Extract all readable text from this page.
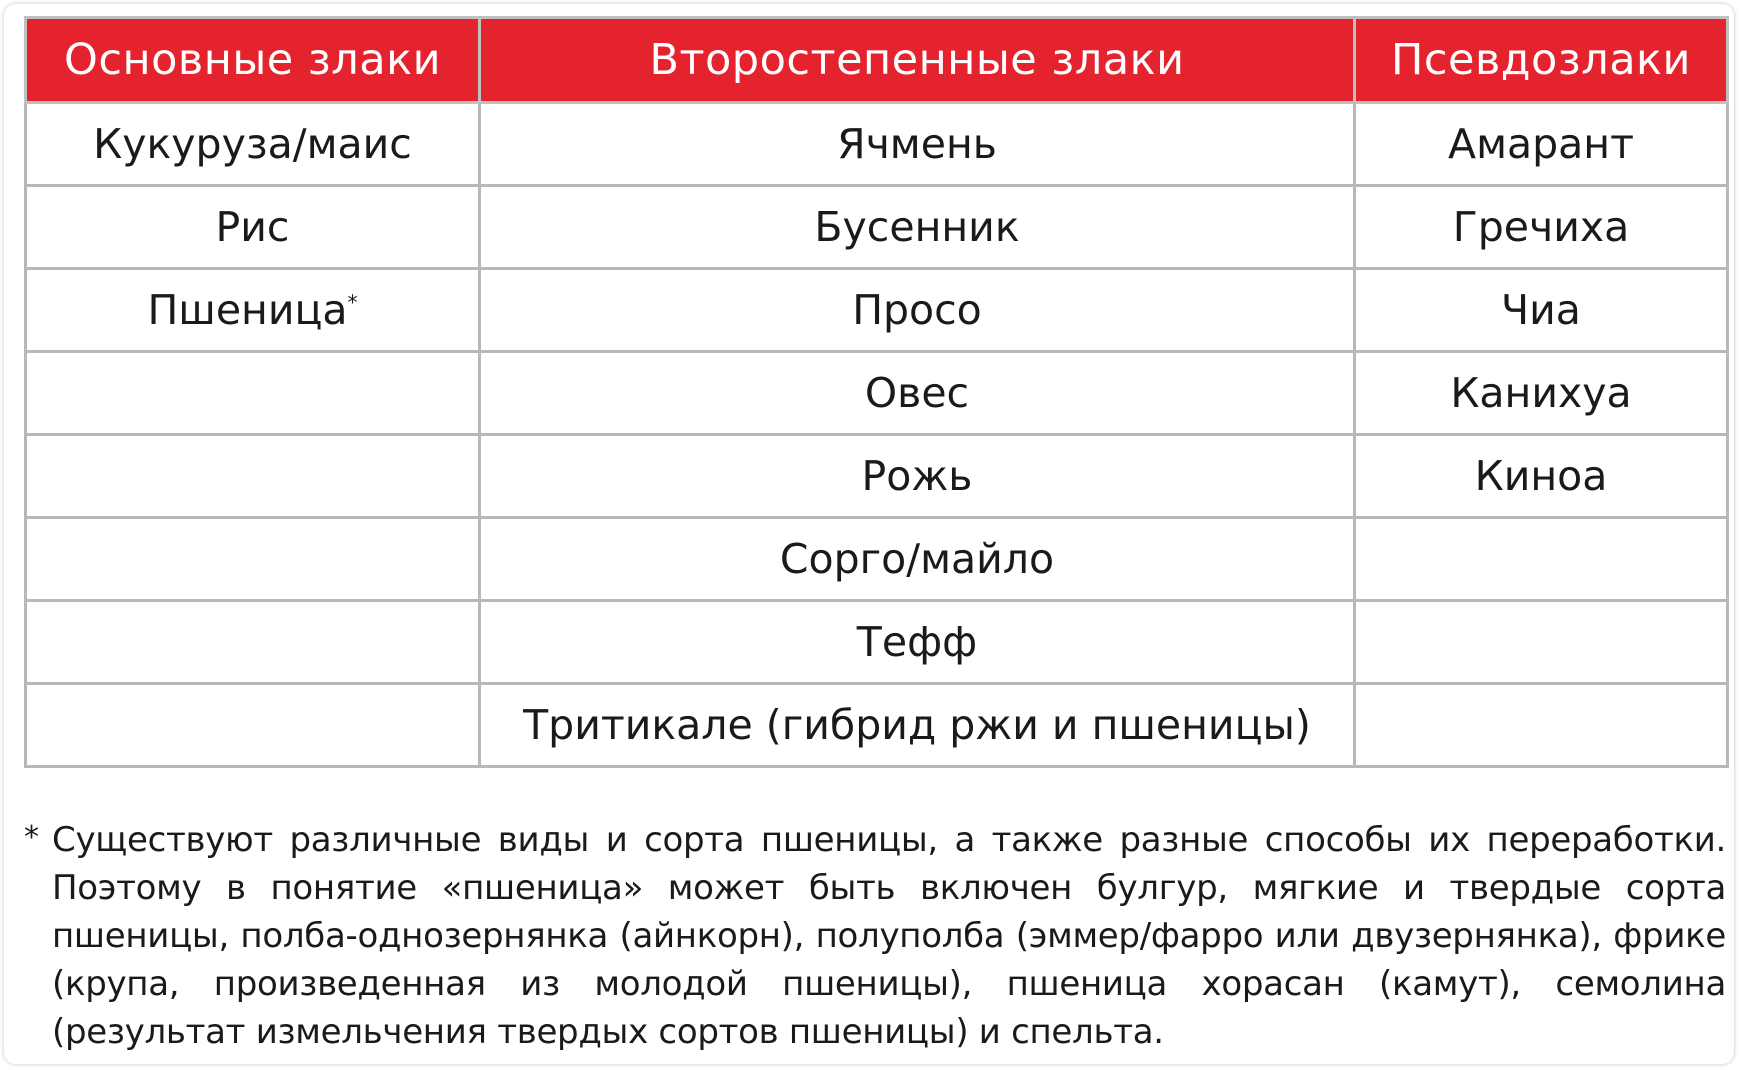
Основные злаки	Второстепенные злаки	Псевдозлаки
Кукуруза/маис	Ячмень	Амарант
Рис	Бусенник	Гречиха
Пшеница*	Просо	Чиа
	Овес	Канихуа
	Рожь	Киноа
	Сорго/майло	
	Тефф	
	Тритикале (гибрид ржи и пшеницы)	
* Существуют различные виды и сорта пшеницы, а также разные способы их переработки. Поэтому в понятие «пшеница» может быть включен булгур, мягкие и твердые сорта пшеницы, полба-однозернянка (айнкорн), полуполба (эммер/фарро или двузернянка), фрике (крупа, произведенная из молодой пшеницы), пшеница хорасан (камут), семолина (результат измельчения твердых сортов пшеницы) и спельта.
